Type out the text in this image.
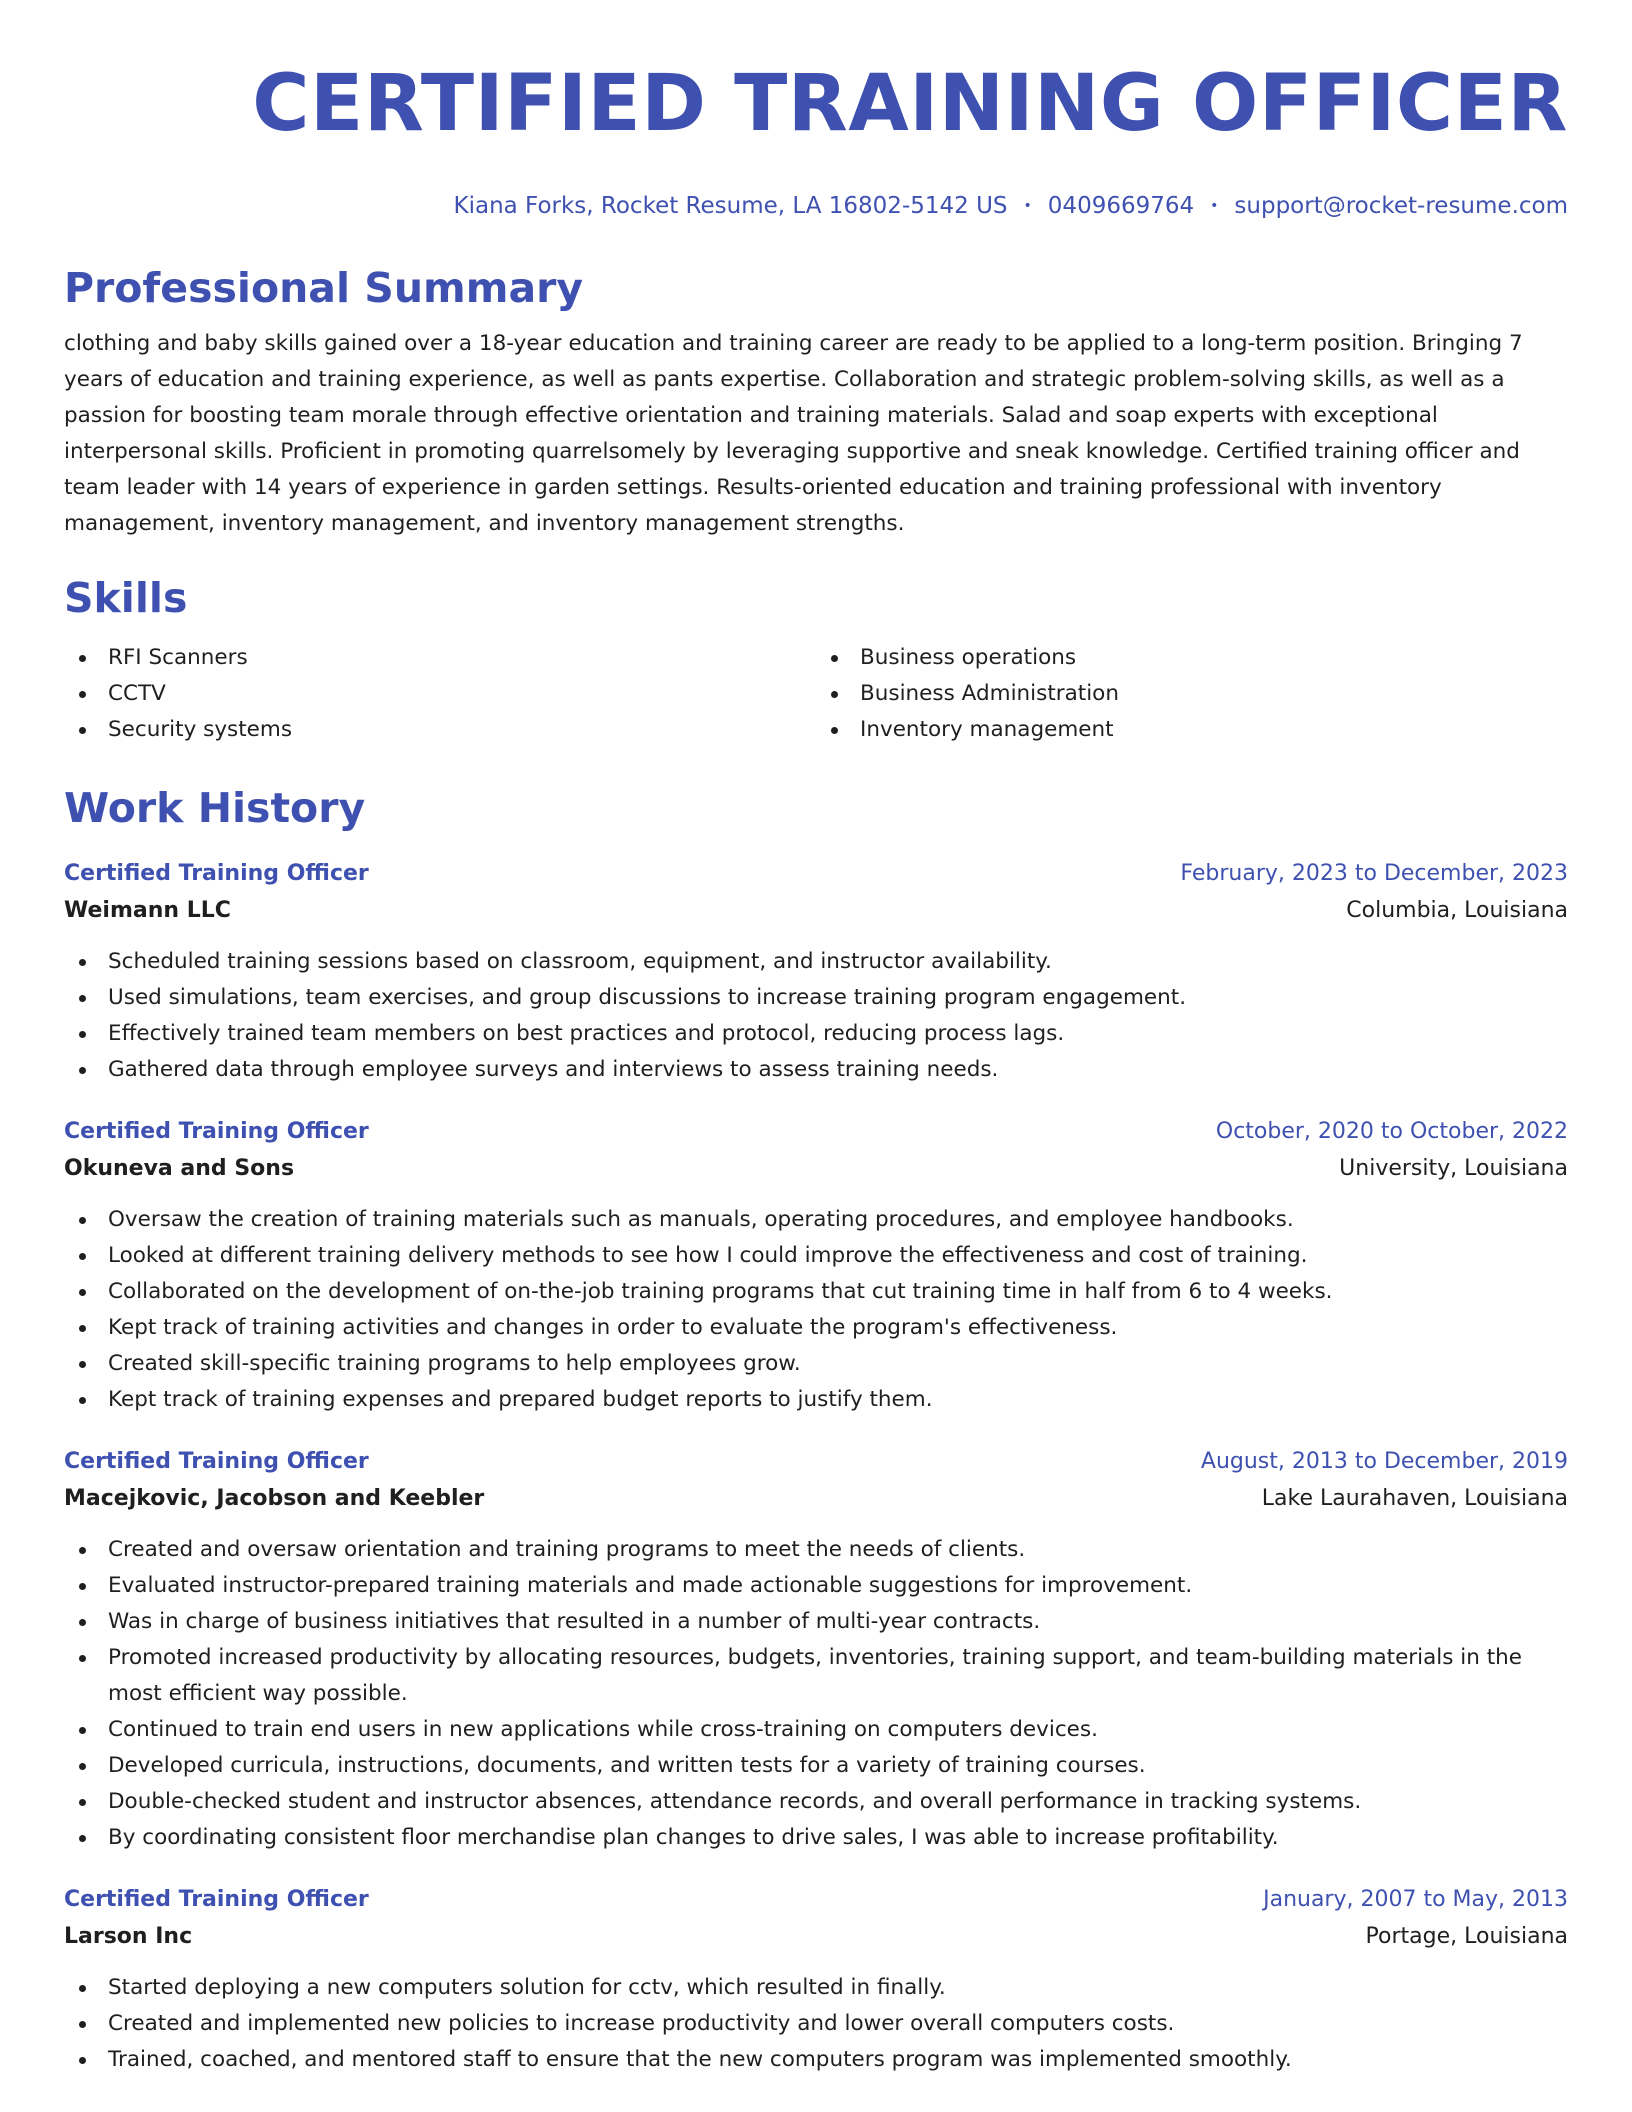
CERTIFIED TRAINING OFFICER
Kiana Forks, Rocket Resume, LA 16802-5142 US • 0409669764 • support@rocket-resume.com
Professional Summary

clothing and baby skills gained over a 18-year education and training career are ready to be applied to a long-term position. Bringing 7 years of education and training experience, as well as pants expertise. Collaboration and strategic problem-solving skills, as well as a passion for boosting team morale through effective orientation and training materials. Salad and soap experts with exceptional interpersonal skills. Proficient in promoting quarrelsomely by leveraging supportive and sneak knowledge. Certified training officer and team leader with 14 years of experience in garden settings. Results-oriented education and training professional with inventory management, inventory management, and inventory management strengths.

Skills
RFI Scanners
CCTV
Security systems
Business operations
Business Administration
Inventory management
Work History
Certified Training Officer	February, 2023 to December, 2023
Weimann LLC	Columbia, Louisiana
Scheduled training sessions based on classroom, equipment, and instructor availability.
Used simulations, team exercises, and group discussions to increase training program engagement.
Effectively trained team members on best practices and protocol, reducing process lags.
Gathered data through employee surveys and interviews to assess training needs.
Certified Training Officer	October, 2020 to October, 2022
Okuneva and Sons	University, Louisiana
Oversaw the creation of training materials such as manuals, operating procedures, and employee handbooks.
Looked at different training delivery methods to see how I could improve the effectiveness and cost of training.
Collaborated on the development of on-the-job training programs that cut training time in half from 6 to 4 weeks.
Kept track of training activities and changes in order to evaluate the program's effectiveness.
Created skill-specific training programs to help employees grow.
Kept track of training expenses and prepared budget reports to justify them.
Certified Training Officer	August, 2013 to December, 2019
Macejkovic, Jacobson and Keebler	Lake Laurahaven, Louisiana
Created and oversaw orientation and training programs to meet the needs of clients.
Evaluated instructor-prepared training materials and made actionable suggestions for improvement.
Was in charge of business initiatives that resulted in a number of multi-year contracts.
Promoted increased productivity by allocating resources, budgets, inventories, training support, and team-building materials in the most efficient way possible.
Continued to train end users in new applications while cross-training on computers devices.
Developed curricula, instructions, documents, and written tests for a variety of training courses.
Double-checked student and instructor absences, attendance records, and overall performance in tracking systems.
By coordinating consistent floor merchandise plan changes to drive sales, I was able to increase profitability.
Certified Training Officer	January, 2007 to May, 2013
Larson Inc	Portage, Louisiana
Started deploying a new computers solution for cctv, which resulted in finally.
Created and implemented new policies to increase productivity and lower overall computers costs.
Trained, coached, and mentored staff to ensure that the new computers program was implemented smoothly.
